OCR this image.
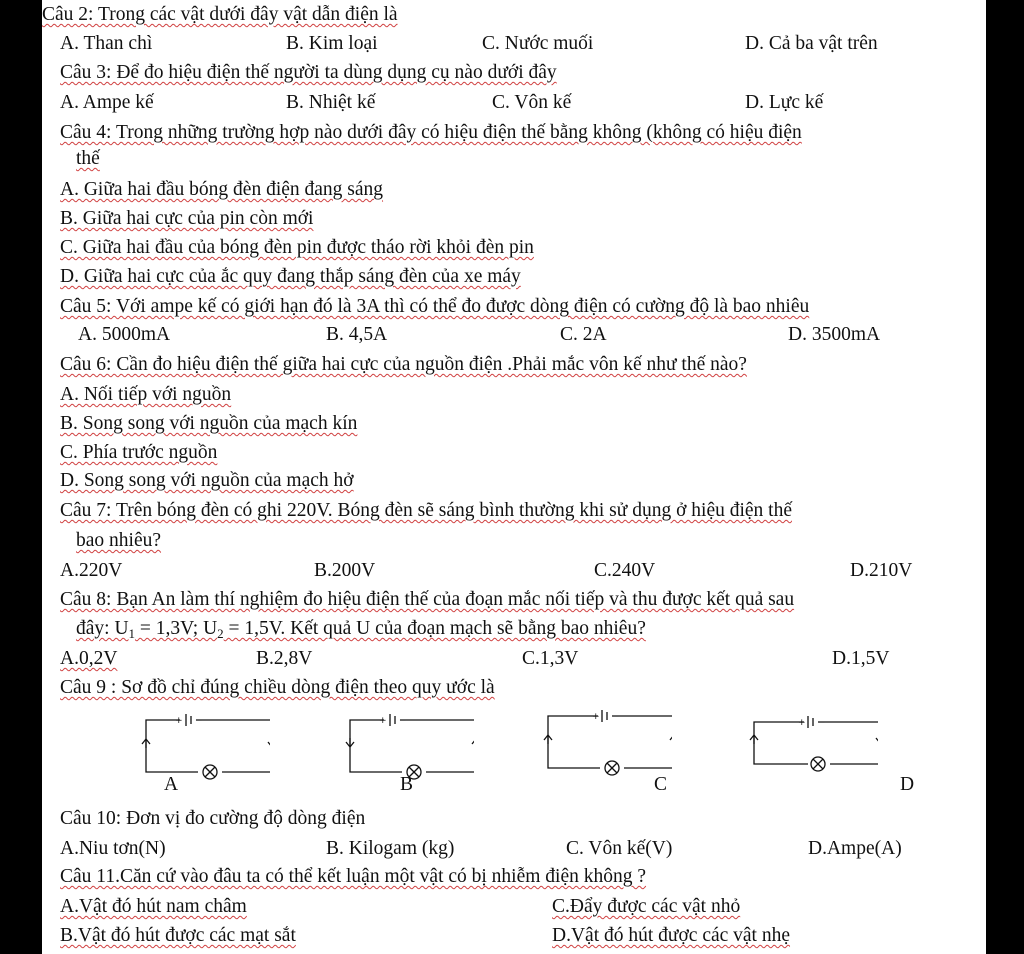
Câu 2: Trong các vật dưới đây vật dẫn điện là
A. Than chì	B. Kim loại	C. Nước muối	D. Cả ba vật trên
Câu 3: Để đo hiệu điện thế người ta dùng dụng cụ nào dưới đây
A. Ampe kế	B. Nhiệt kế	C. Vôn kế	D. Lực kế
Câu 4: Trong những trường hợp nào dưới đây có hiệu điện thế bằng không (không có hiệu điện
thế
A. Giữa hai đầu bóng đèn điện đang sáng
B. Giữa hai cực của pin còn mới
C. Giữa hai đầu của bóng đèn pin được tháo rời khỏi đèn pin
D. Giữa hai cực của ắc quy đang thắp sáng đèn của xe máy
Câu 5: Với ampe kế có giới hạn đó là 3A thì có thể đo được dòng điện có cường độ là bao nhiêu
A. 5000mA	B. 4,5A	C. 2A	D. 3500mA
Câu 6: Cần đo hiệu điện thế giữa hai cực của nguồn điện .Phải mắc vôn kế như thế nào?
A. Nối tiếp với nguồn
B. Song song với nguồn của mạch kín
C. Phía trước nguồn
D. Song song với nguồn của mạch hở
Câu 7: Trên bóng đèn có ghi 220V. Bóng đèn sẽ sáng bình thường khi sử dụng ở hiệu điện thế
bao nhiêu?
A.220V	B.200V	C.240V	D.210V
Câu 8: Bạn An làm thí nghiệm đo hiệu điện thế của đoạn mắc nối tiếp và thu được kết quả sau
đây: $U_1 = 1,3V$; $U_2 = 1,5V$. Kết quả U của đoạn mạch sẽ bằng bao nhiêu?
A.0,2V	B.2,8V	C.1,3V	D.1,5V
Câu 9 : Sơ đồ chỉ đúng chiều dòng điện theo quy ước là
+ −	+ −	+ −
+ −
A	B	C	D
Câu 10: Đơn vị đo cường độ dòng điện
A.Niu tơn(N)	B. Kilogam (kg)	C. Vôn kế(V)	D.Ampe(A)
Câu 11.Căn cứ vào đâu ta có thể kết luận một vật có bị nhiễm điện không ?
A.Vật đó hút nam châm	C.Đẩy được các vật nhỏ
B.Vật đó hút được các mạt sắt	D.Vật đó hút được các vật nhẹ
